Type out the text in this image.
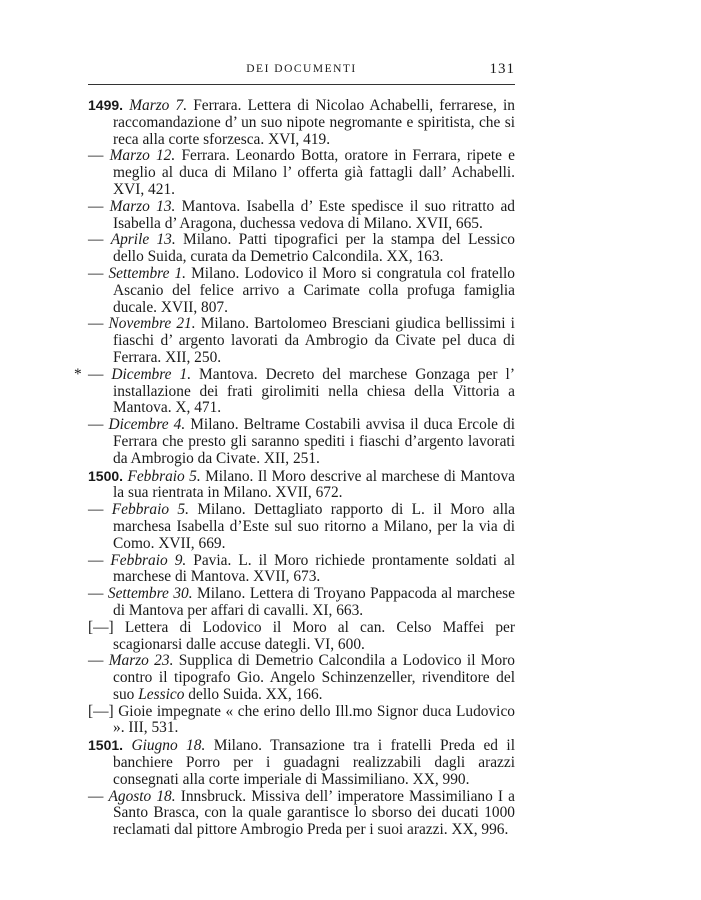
DEI DOCUMENTI	131
1499. Marzo 7. Ferrara. Lettera di Nicolao Achabelli, ferrarese, in raccomandazione d’ un suo nipote negromante e spiritista, che si reca alla corte sforzesca. XVI, 419.
— Marzo 12. Ferrara. Leonardo Botta, oratore in Ferrara, ripete e meglio al duca di Milano l’ offerta già fattagli dall’ Achabelli. XVI, 421.
— Marzo 13. Mantova. Isabella d’ Este spedisce il suo ritratto ad Isabella d’ Aragona, duchessa vedova di Milano. XVII, 665.
— Aprile 13. Milano. Patti tipografici per la stampa del Lessico dello Suida, curata da Demetrio Calcondila. XX, 163.
— Settembre 1. Milano. Lodovico il Moro si congratula col fratello Ascanio del felice arrivo a Carimate colla profuga famiglia ducale. XVII, 807.
— Novembre 21. Milano. Bartolomeo Bresciani giudica bellissimi i fiaschi d’ argento lavorati da Ambrogio da Civate pel duca di Ferrara. XII, 250.
* — Dicembre 1. Mantova. Decreto del marchese Gonzaga per l’ installazione dei frati girolimiti nella chiesa della Vittoria a Mantova. X, 471.
— Dicembre 4. Milano. Beltrame Costabili avvisa il duca Ercole di Ferrara che presto gli saranno spediti i fiaschi d’argento lavorati da Ambrogio da Civate. XII, 251.
1500. Febbraio 5. Milano. Il Moro descrive al marchese di Mantova la sua rientrata in Milano. XVII, 672.
— Febbraio 5. Milano. Dettagliato rapporto di L. il Moro alla marchesa Isabella d’Este sul suo ritorno a Milano, per la via di Como. XVII, 669.
— Febbraio 9. Pavia. L. il Moro richiede prontamente soldati al marchese di Mantova. XVII, 673.
— Settembre 30. Milano. Lettera di Troyano Pappacoda al marchese di Mantova per affari di cavalli. XI, 663.
[—] Lettera di Lodovico il Moro al can. Celso Maffei per scagionarsi dalle accuse dategli. VI, 600.
— Marzo 23. Supplica di Demetrio Calcondila a Lodovico il Moro contro il tipografo Gio. Angelo Schinzenzeller, rivenditore del suo Lessico dello Suida. XX, 166.
[—] Gioie impegnate « che erino dello Ill.mo Signor duca Ludovico ». III, 531.
1501. Giugno 18. Milano. Transazione tra i fratelli Preda ed il banchiere Porro per i guadagni realizzabili dagli arazzi consegnati alla corte imperiale di Massimiliano. XX, 990.
— Agosto 18. Innsbruck. Missiva dell’ imperatore Massimiliano I a Santo Brasca, con la quale garantisce lo sborso dei ducati 1000 reclamati dal pittore Ambrogio Preda per i suoi arazzi. XX, 996.
